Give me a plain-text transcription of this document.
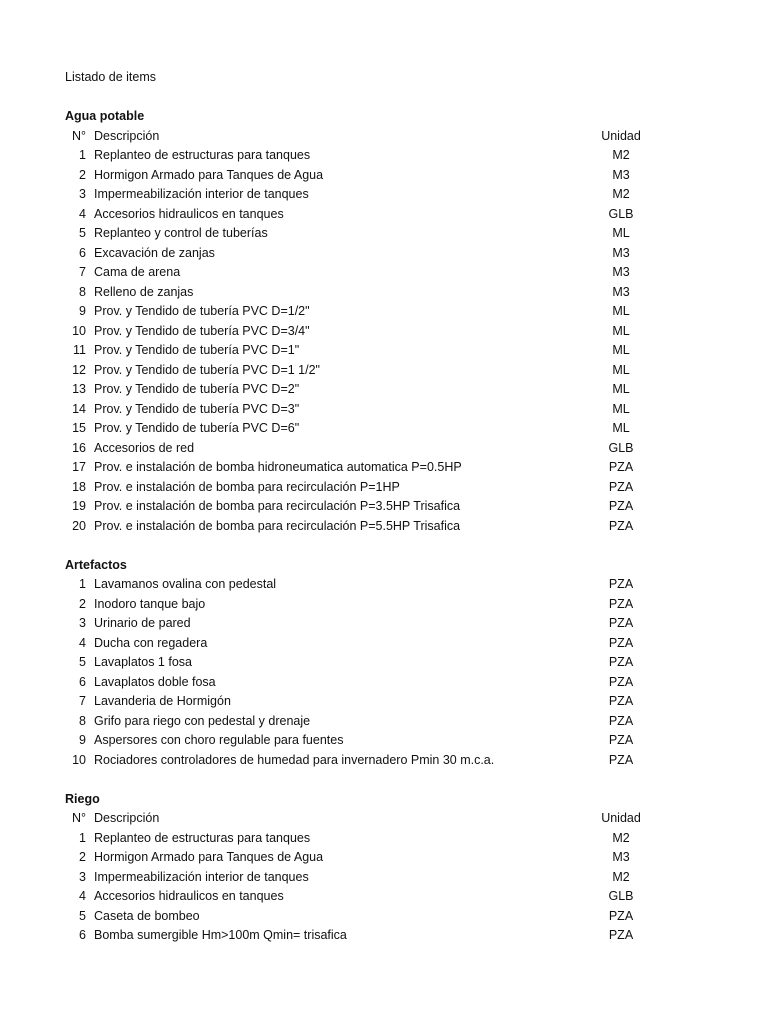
Listado de items
Agua potable
N° Descripción	Unidad
1 Replanteo de estructuras para tanques	M2
2 Hormigon Armado para Tanques de Agua	M3
3 Impermeabilización interior de tanques	M2
4 Accesorios hidraulicos en tanques	GLB
5 Replanteo y control de tuberías	ML
6 Excavación de zanjas	M3
7 Cama de arena	M3
8 Relleno de zanjas	M3
9 Prov. y Tendido de tubería PVC D=1/2"	ML
10 Prov. y Tendido de tubería PVC D=3/4"	ML
11 Prov. y Tendido de tubería PVC D=1"	ML
12 Prov. y Tendido de tubería PVC D=1 1/2"	ML
13 Prov. y Tendido de tubería PVC D=2"	ML
14 Prov. y Tendido de tubería PVC D=3"	ML
15 Prov. y Tendido de tubería PVC D=6"	ML
16 Accesorios de red	GLB
17 Prov. e instalación de bomba hidroneumatica automatica P=0.5HP	PZA
18 Prov. e instalación de bomba para recirculación P=1HP	PZA
19 Prov. e instalación de bomba para recirculación P=3.5HP Trisafica	PZA
20 Prov. e instalación de bomba para recirculación P=5.5HP Trisafica	PZA
Artefactos
1 Lavamanos ovalina con pedestal	PZA
2 Inodoro tanque bajo	PZA
3 Urinario de pared	PZA
4 Ducha con regadera	PZA
5 Lavaplatos 1 fosa	PZA
6 Lavaplatos doble fosa	PZA
7 Lavanderia de Hormigón	PZA
8 Grifo para riego con pedestal y drenaje	PZA
9 Aspersores con choro regulable para fuentes	PZA
10 Rociadores controladores de humedad para invernadero Pmin 30 m.c.a.	PZA
Riego
N° Descripción	Unidad
1 Replanteo de estructuras para tanques	M2
2 Hormigon Armado para Tanques de Agua	M3
3 Impermeabilización interior de tanques	M2
4 Accesorios hidraulicos en tanques	GLB
5 Caseta de bombeo	PZA
6 Bomba sumergible Hm>100m Qmin= trisafica	PZA
